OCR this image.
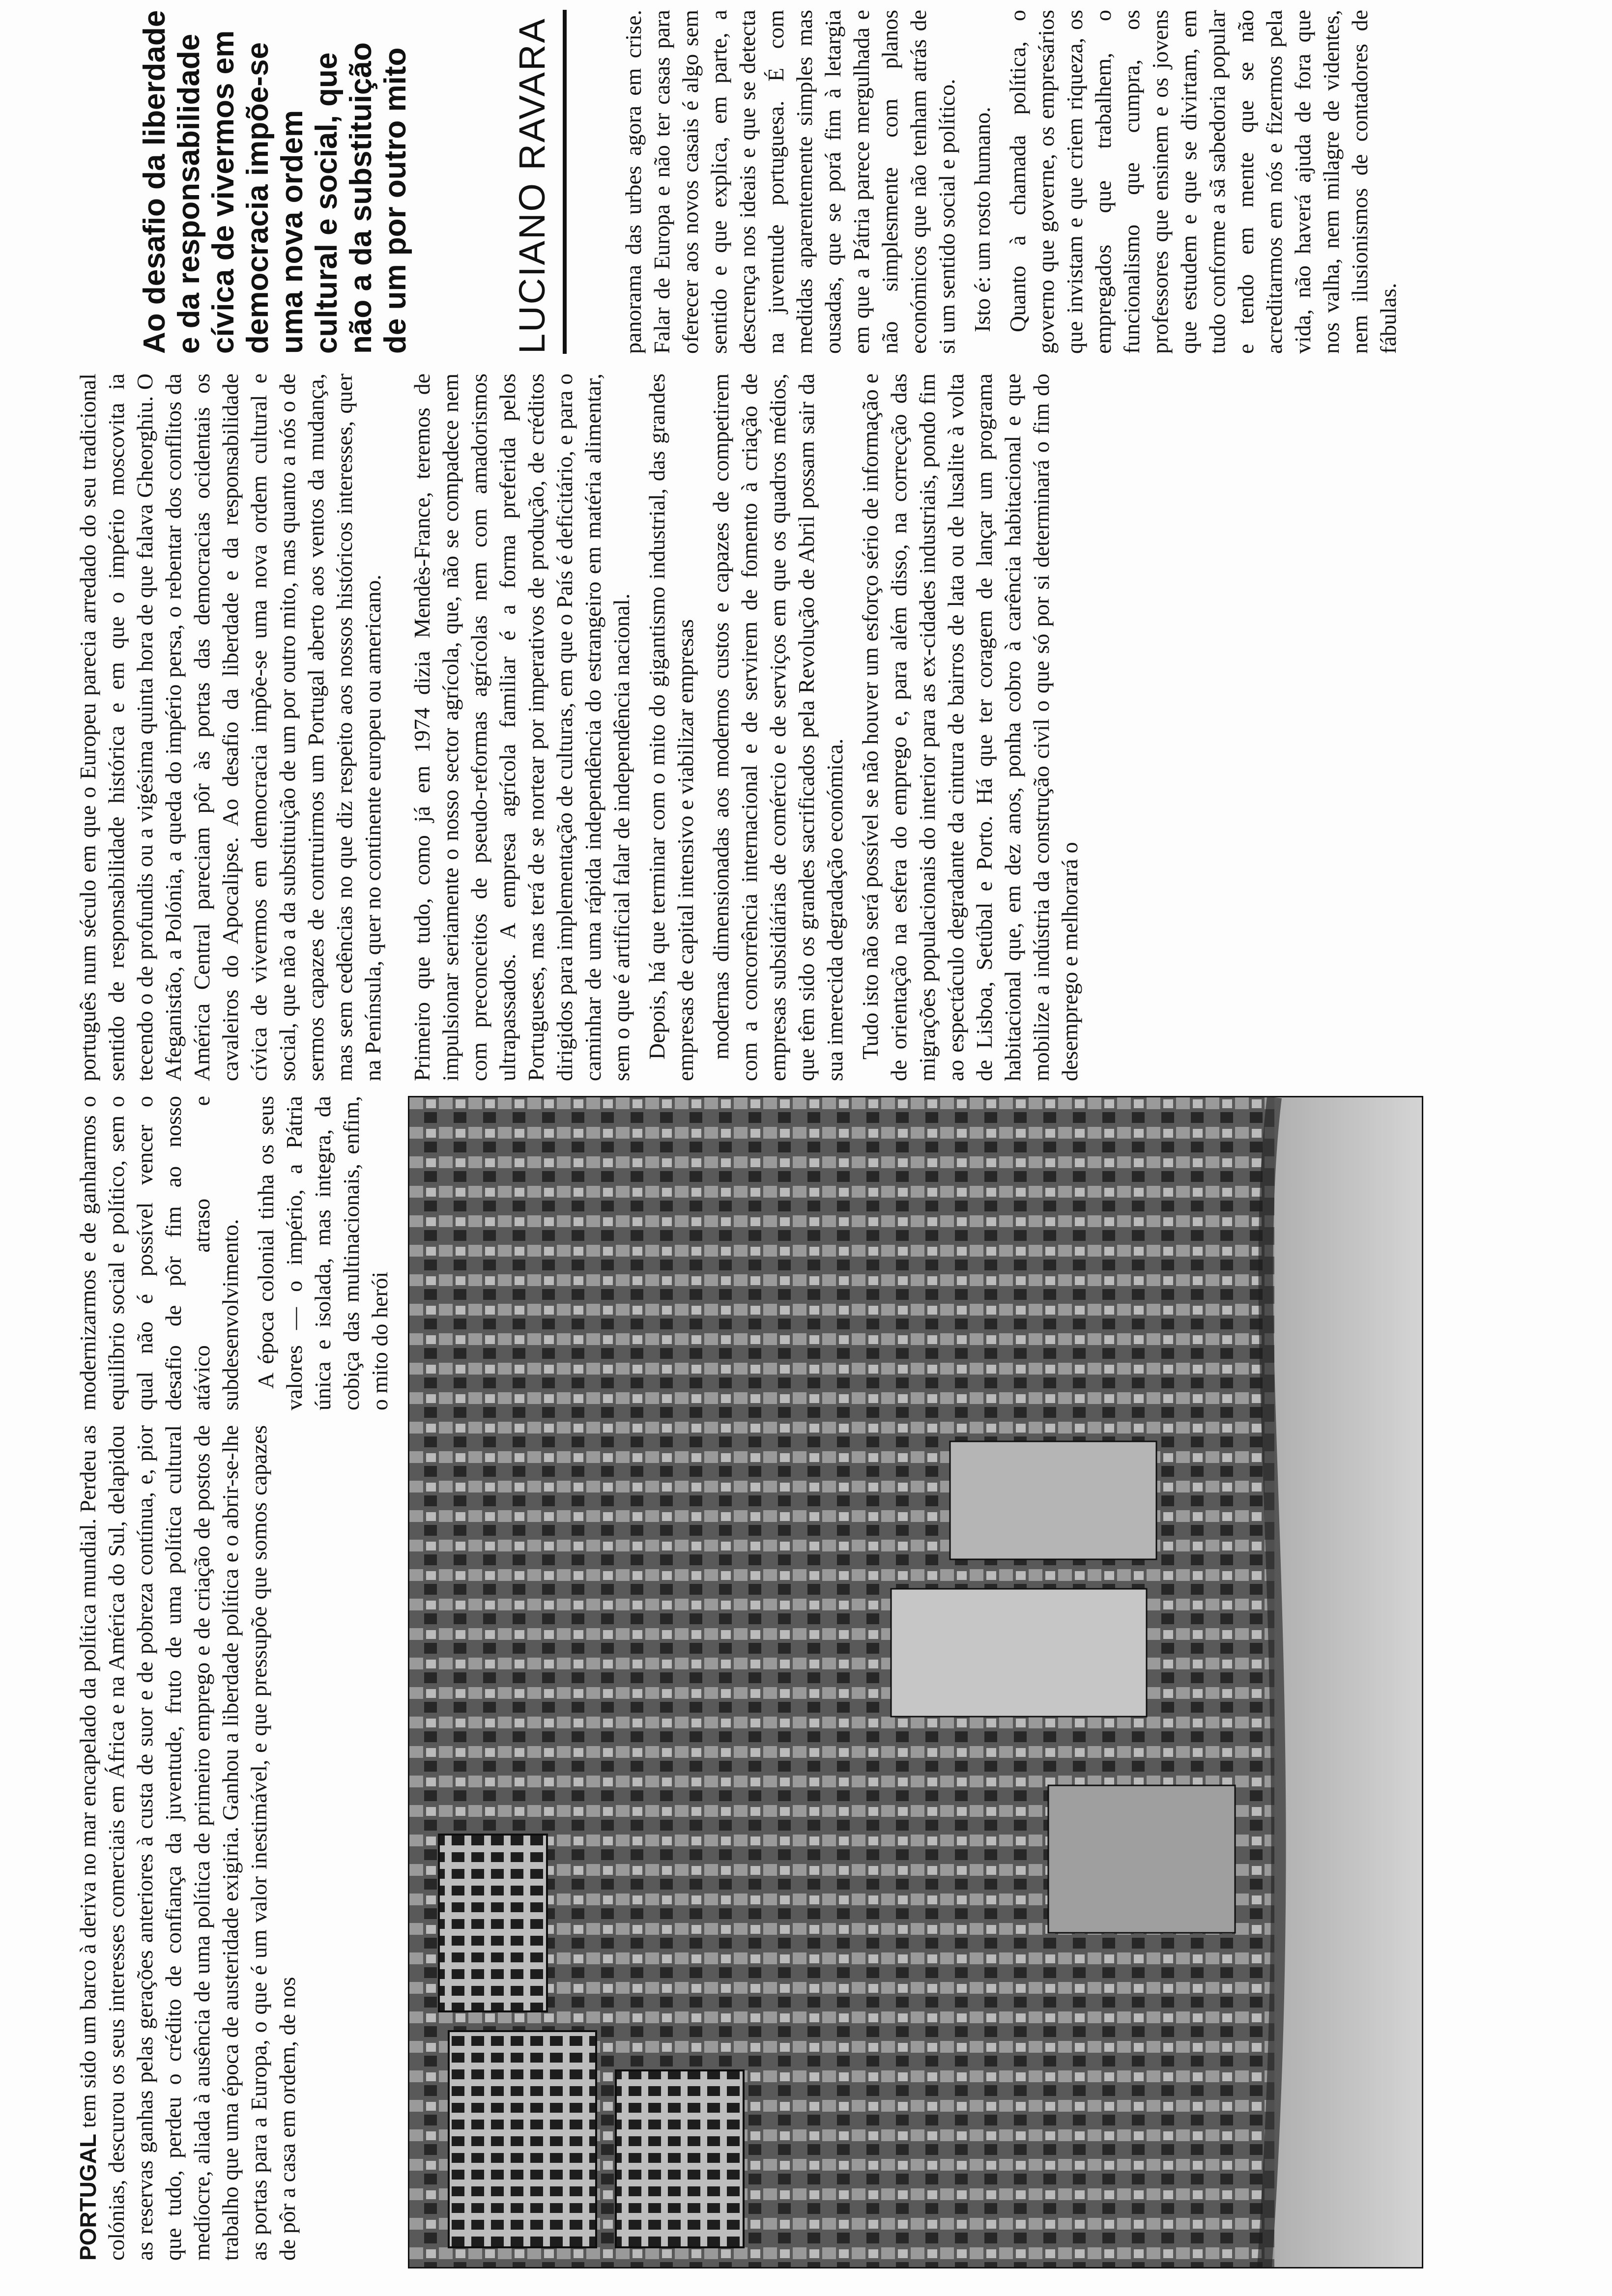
PORTUGAL tem sido um barco à deriva no mar encapelado da política mundial. Perdeu as colónias, descurou os seus interesses comerciais em África e na América do Sul, delapidou as reservas ganhas pelas gerações anteriores à custa de suor e de pobreza contínua, e, pior que tudo, perdeu o crédito de confiança da juventude, fruto de uma política cultural medíocre, aliada à ausência de uma política de primeiro emprego e de criação de postos de trabalho que uma época de austeridade exigiria. Ganhou a liberdade política e o abrir-se-lhe as portas para a Europa, o que é um valor inestimável, e que pressupõe que somos capazes de pôr a casa em ordem, de nos

modernizarmos e de ganharmos o equilíbrio social e político, sem o qual não é possível vencer o desafio de pôr fim ao nosso atávico atraso e subdesenvolvimento. A época colonial tinha os seus valores — o império, a Pátria única e isolada, mas integra, da cobiça das multinacionais, enfim, o mito do herói

português num século em que o Europeu parecia arredado do seu tradicional sentido de responsabilidade histórica e em que o império moscovita ia tecendo o de profundis ou a vigésima quinta hora de que falava Gheorghiu. O Afeganistão, a Polónia, a queda do império persa, o rebentar dos conflitos da América Central pareciam pôr às portas das democracias ocidentais os cavaleiros do Apocalipse. Ao desafio da liberdade e da responsabilidade cívica de vivermos em democracia impõe-se uma nova ordem cultural e social, que não a da substituição de um por outro mito, mas quanto a nós o de sermos capazes de contruirmos um Portugal aberto aos ventos da mudança, mas sem cedências no que diz respeito aos nossos históricos interesses, quer na Península, quer no continente europeu ou americano. Primeiro que tudo, como já em 1974 dizia Mendès-France, teremos de impulsionar seriamente o nosso sector agrícola, que, não se compadece nem com preconceitos de pseudo-reformas agrícolas nem com amadorismos ultrapassados. A empresa agrícola familiar é a forma preferida pelos Portugueses, mas terá de se nortear por imperativos de produção, de créditos dirigidos para implementação de culturas, em que o País é deficitário, e para o caminhar de uma rápida independência do estrangeiro em matéria alimentar, sem o que é artificial falar de independência nacional. Depois, há que terminar com o mito do gigantismo industrial, das grandes empresas de capital intensivo e viabilizar empresas modernas dimensionadas aos modernos custos e capazes de competirem com a concorrência internacional e de servirem de fomento à criação de empresas subsidiárias de comércio e de serviços em que os quadros médios, que têm sido os grandes sacrificados pela Revolução de Abril possam sair da sua imerecida degradação económica. Tudo isto não será possível se não houver um esforço sério de informação e de orientação na esfera do emprego e, para além disso, na correcção das migrações populacionais do interior para as ex-cidades industriais, pondo fim ao espectáculo degradante da cintura de bairros de lata ou de lusalite à volta de Lisboa, Setúbal e Porto. Há que ter coragem de lançar um programa habitacional que, em dez anos, ponha cobro à carência habitacional e que mobilize a indústria da construção civil o que só por si determinará o fim do desemprego e melhorará o

panorama das urbes agora em crise. Falar de Europa e não ter casas para oferecer aos novos casais é algo sem sentido e que explica, em parte, a descrença nos ideais e que se detecta na juventude portuguesa. É com medidas aparentemente simples mas ousadas, que se porá fim à letargia em que a Pátria parece mergulhada e não simplesmente com planos económicos que não tenham atrás de si um sentido social e político. Isto é: um rosto humano. Quanto à chamada política, o governo que governe, os empresários que invistam e que criem riqueza, os empregados que trabalhem, o funcionalismo que cumpra, os professores que ensinem e os jovens que estudem e que se divirtam, em tudo conforme a sã sabedoria popular e tendo em mente que se não acreditarmos em nós e fizermos pela vida, não haverá ajuda de fora que nos valha, nem milagre de videntes, nem ilusionismos de contadores de fábulas.

Ao desafio da liberdade e da responsabilidade cívica de vivermos em democracia impõe-se uma nova ordem cultural e social, que não a da substituição de um por outro mito	LUCIANO RAVARA
